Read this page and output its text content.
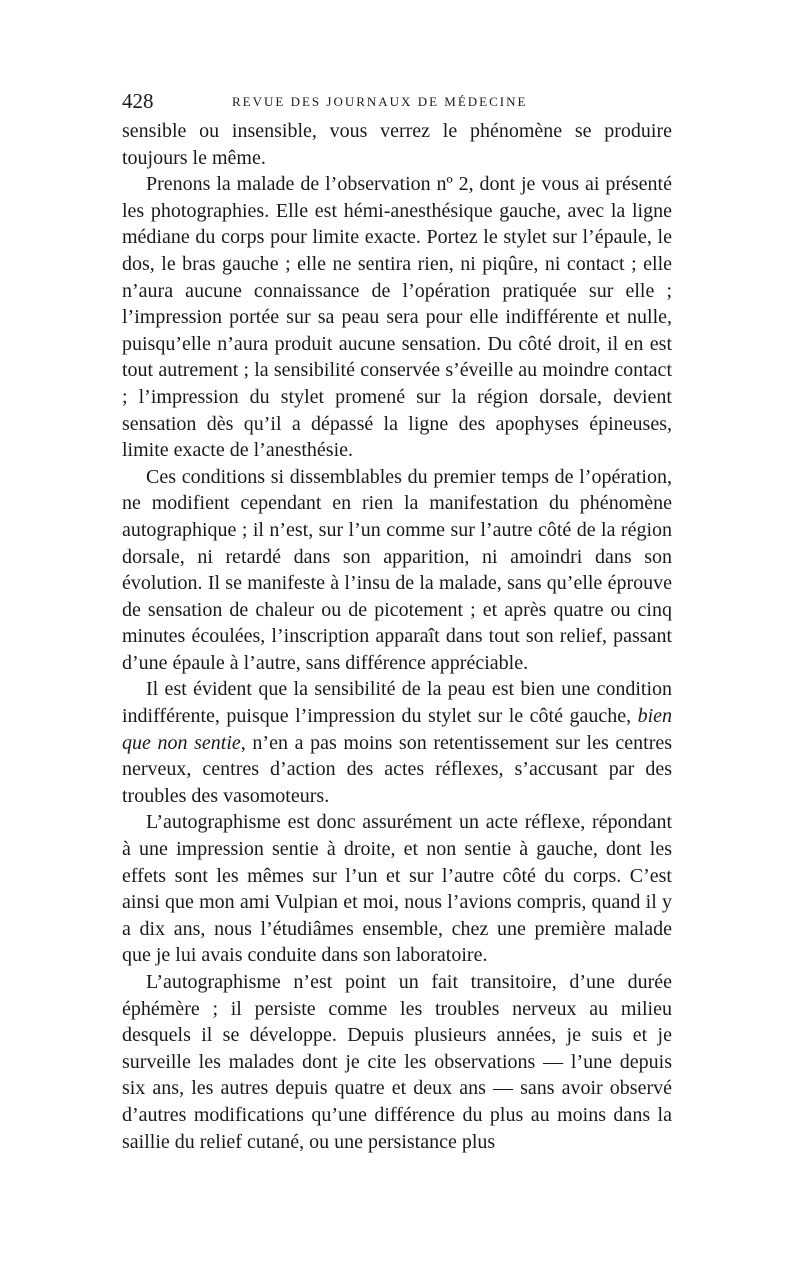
428	REVUE DES JOURNAUX DE MÉDECINE

sensible ou insensible, vous verrez le phénomène se produire toujours le même.

Prenons la malade de l’observation nº 2, dont je vous ai présenté les photographies. Elle est hémi-anesthésique gauche, avec la ligne médiane du corps pour limite exacte. Portez le stylet sur l’épaule, le dos, le bras gauche ; elle ne sentira rien, ni piqûre, ni contact ; elle n’aura aucune connaissance de l’opération pratiquée sur elle ; l’impression portée sur sa peau sera pour elle indifférente et nulle, puisqu’elle n’aura produit aucune sensation. Du côté droit, il en est tout autrement ; la sensibilité conservée s’éveille au moindre contact ; l’impression du stylet promené sur la région dorsale, devient sensation dès qu’il a dépassé la ligne des apophyses épineuses, limite exacte de l’anesthésie.

Ces conditions si dissemblables du premier temps de l’opération, ne modifient cependant en rien la manifestation du phénomène autographique ; il n’est, sur l’un comme sur l’autre côté de la région dorsale, ni retardé dans son apparition, ni amoindri dans son évolution. Il se manifeste à l’insu de la malade, sans qu’elle éprouve de sensation de chaleur ou de picotement ; et après quatre ou cinq minutes écoulées, l’inscription apparaît dans tout son relief, passant d’une épaule à l’autre, sans différence appréciable.

Il est évident que la sensibilité de la peau est bien une condition indifférente, puisque l’impression du stylet sur le côté gauche, bien que non sentie, n’en a pas moins son retentissement sur les centres nerveux, centres d’action des actes réflexes, s’accusant par des troubles des vasomoteurs.

L’autographisme est donc assurément un acte réflexe, répondant à une impression sentie à droite, et non sentie à gauche, dont les effets sont les mêmes sur l’un et sur l’autre côté du corps. C’est ainsi que mon ami Vulpian et moi, nous l’avions compris, quand il y a dix ans, nous l’étudiâmes ensemble, chez une première malade que je lui avais conduite dans son laboratoire.

L’autographisme n’est point un fait transitoire, d’une durée éphémère ; il persiste comme les troubles nerveux au milieu desquels il se développe. Depuis plusieurs années, je suis et je surveille les malades dont je cite les observations — l’une depuis six ans, les autres depuis quatre et deux ans — sans avoir observé d’autres modifications qu’une différence du plus au moins dans la saillie du relief cutané, ou une persistance plus
